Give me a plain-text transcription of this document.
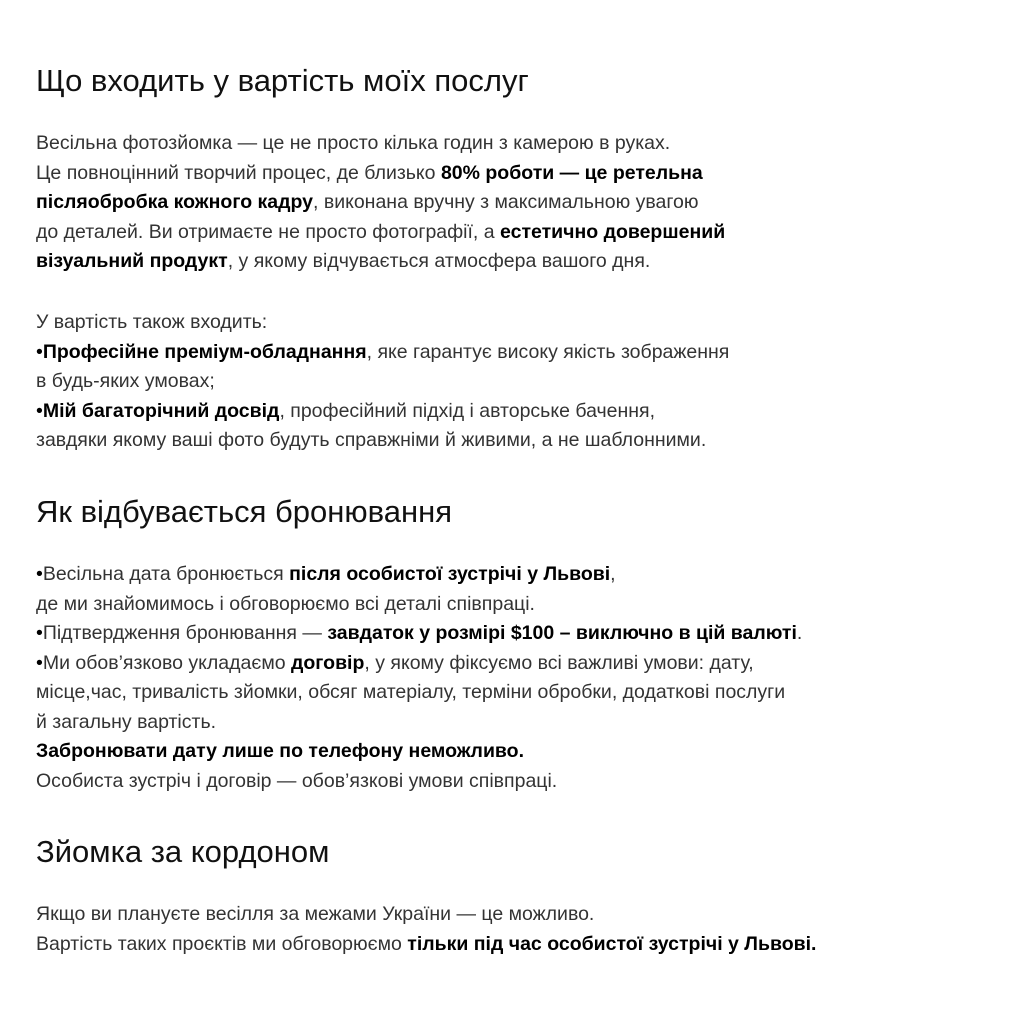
Що входить у вартість моїх послуг
Весільна фотозйомка — це не просто кілька годин з камерою в руках.
Це повноцінний творчий процес, де близько 80% роботи — це ретельна
післяобробка кожного кадру, виконана вручну з максимальною увагою
до деталей. Ви отримаєте не просто фотографії, а естетично довершений
візуальний продукт, у якому відчувається атмосфера вашого дня.
У вартість також входить:
•Професійне преміум-обладнання, яке гарантує високу якість зображення
в будь-яких умовах;
•Мій багаторічний досвід, професійний підхід і авторське бачення,
завдяки якому ваші фото будуть справжніми й живими, а не шаблонними.
Як відбувається бронювання
•Весільна дата бронюється після особистої зустрічі у Львові,
де ми знайомимось і обговорюємо всі деталі співпраці.
•Підтвердження бронювання — завдаток у розмірі $100 – виключно в цій валюті.
•Ми обов’язково укладаємо договір, у якому фіксуємо всі важливі умови: дату,
місце,час, тривалість зйомки, обсяг матеріалу, терміни обробки, додаткові послуги
й загальну вартість.
Забронювати дату лише по телефону неможливо.
Особиста зустріч і договір — обов’язкові умови співпраці.
Зйомка за кордоном
Якщо ви плануєте весілля за межами України — це можливо.
Вартість таких проєктів ми обговорюємо тільки під час особистої зустрічі у Львові.
